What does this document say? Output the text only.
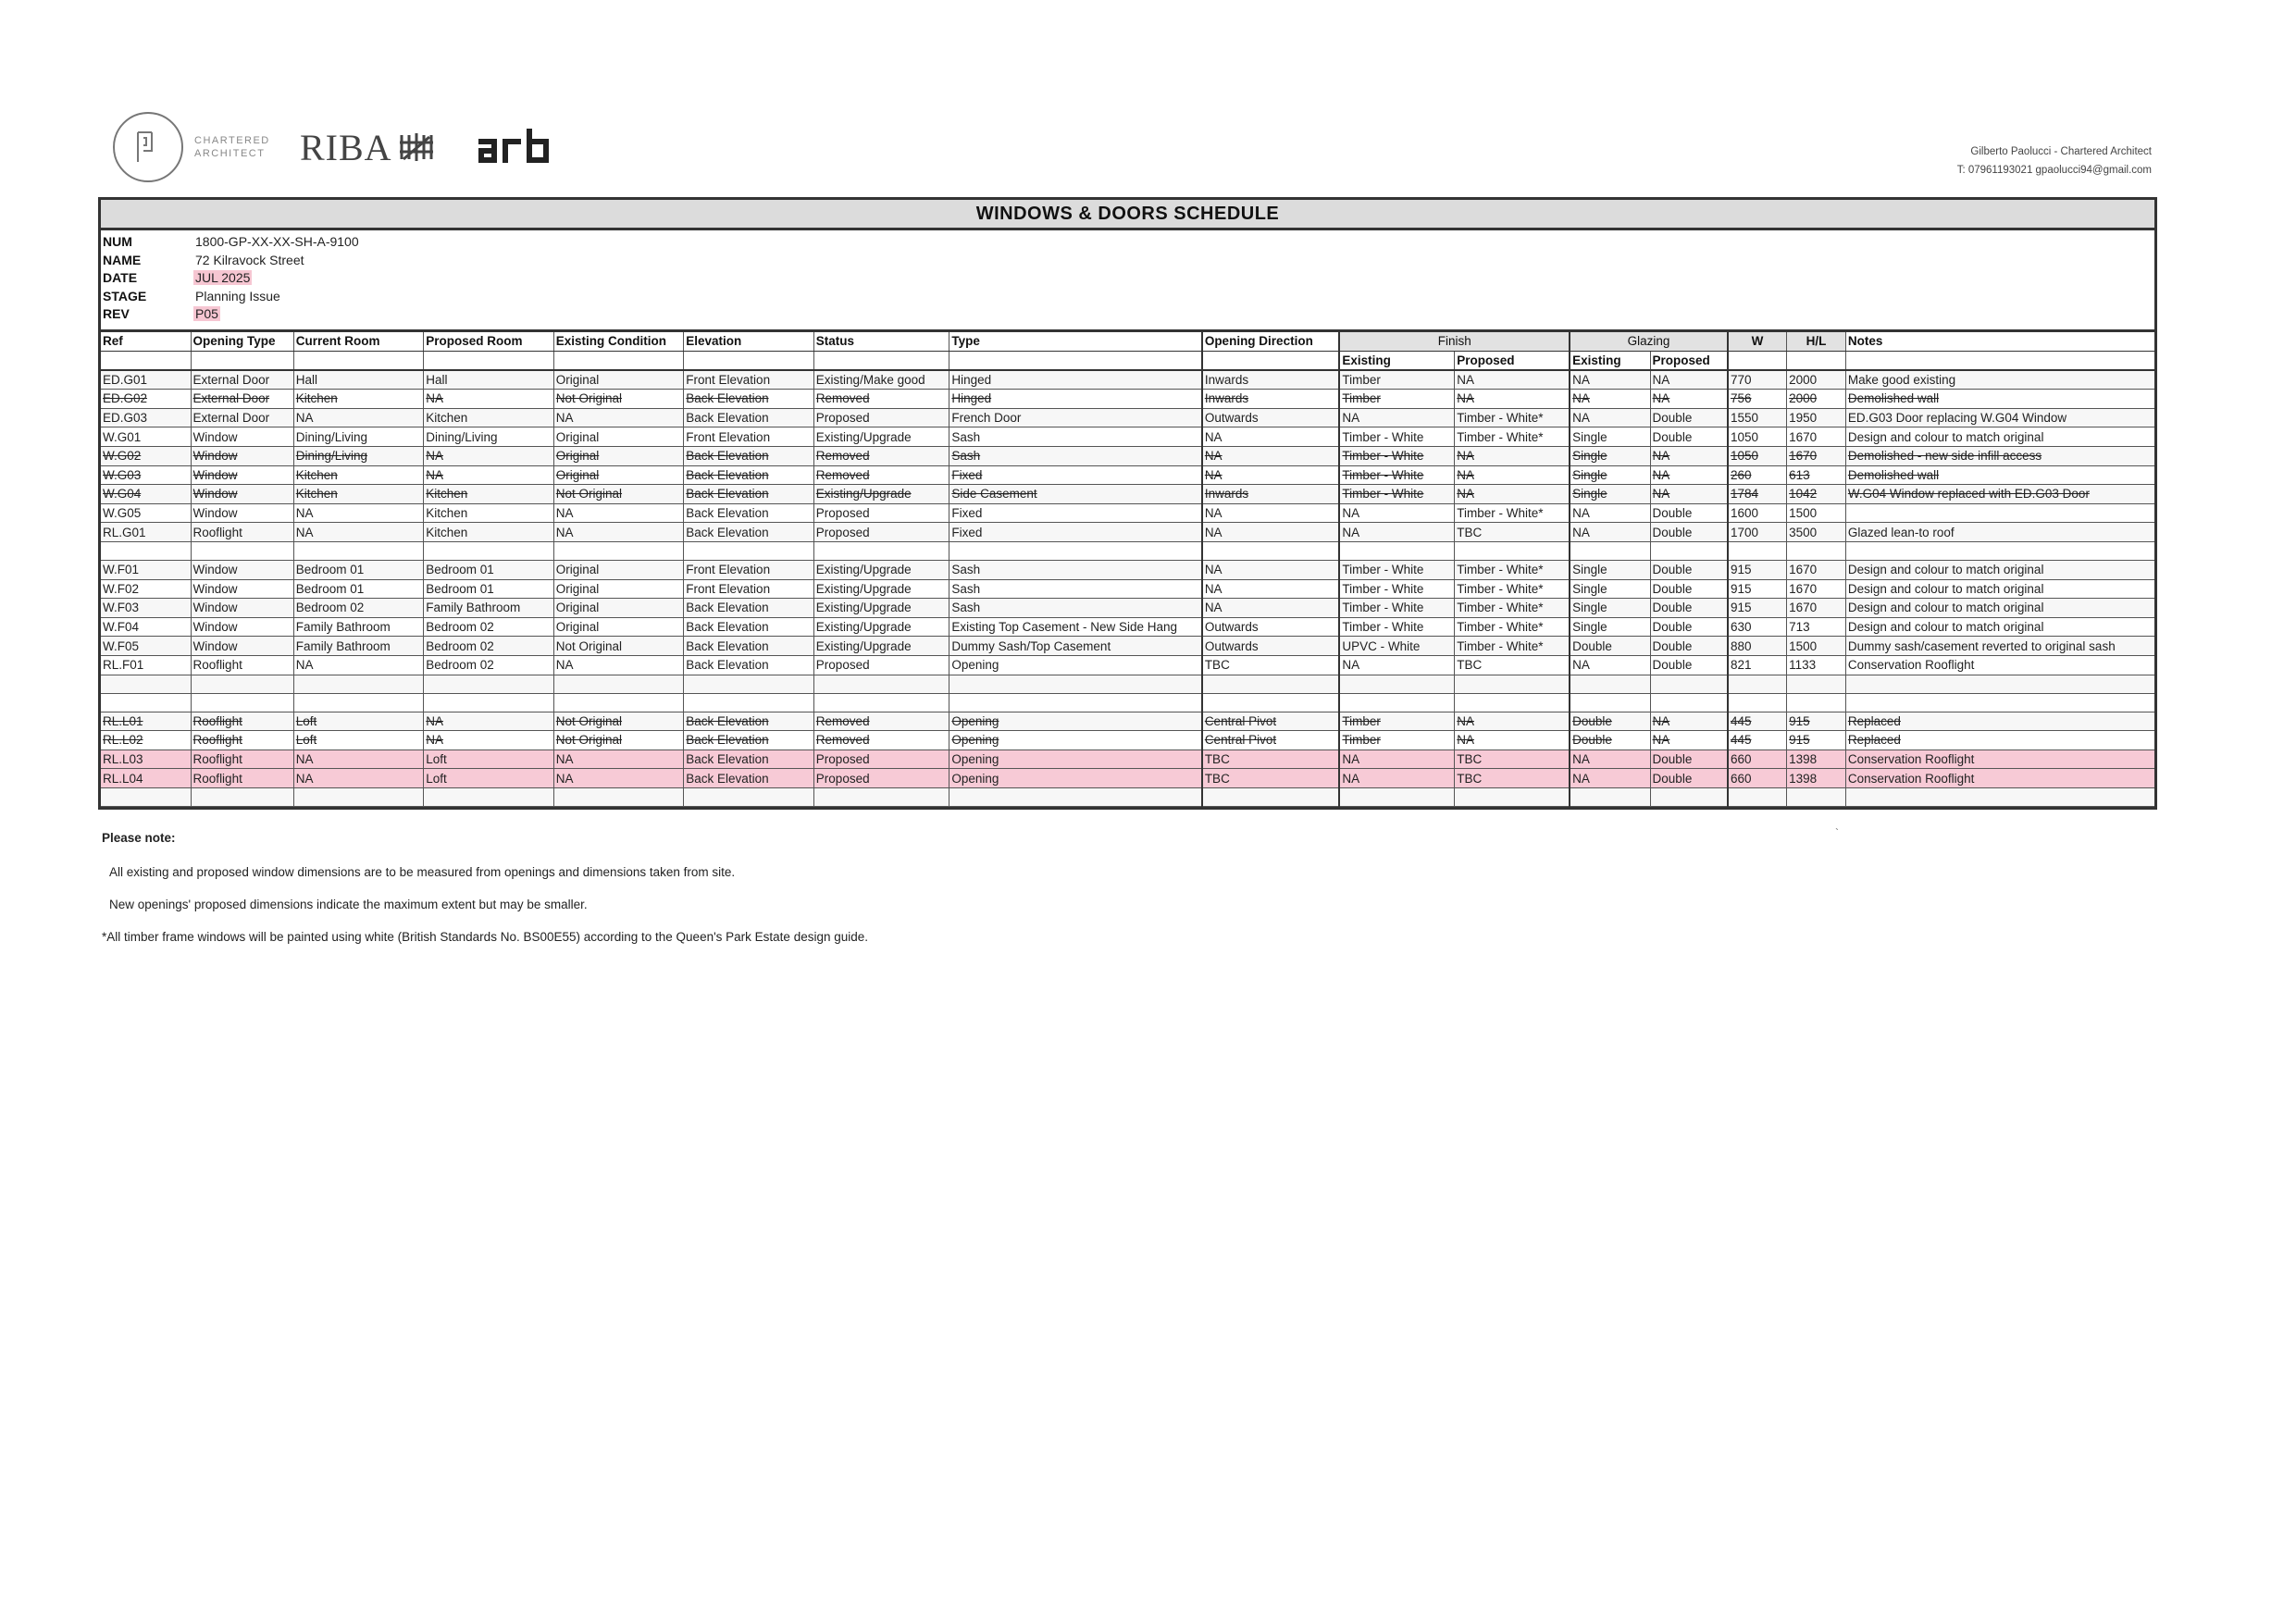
CHARTERED ARCHITECT RIBA	Gilberto Paolucci - Chartered Architect
T: 07961193021 gpaolucci94@gmail.com
WINDOWS & DOORS SCHEDULE
NUM	1800-GP-XX-XX-SH-A-9100
NAME	72 Kilravock Street
DATE	JUL 2025
STAGE	Planning Issue
REV	P05
Ref	Opening Type	Current Room	Proposed Room	Existing Condition	Elevation	Status	Type	Opening Direction	Finish		Glazing		W	H/L	Notes
									Existing	Proposed	Existing	Proposed			
ED.G01	External Door	Hall	Hall	Original	Front Elevation	Existing/Make good	Hinged	Inwards	Timber	NA	NA	NA	770	2000	Make good existing
ED.G02	External Door	Kitchen	NA	Not Original	Back Elevation	Removed	Hinged	Inwards	Timber	NA	NA	NA	756	2000	Demolished wall
ED.G03	External Door	NA	Kitchen	NA	Back Elevation	Proposed	French Door	Outwards	NA	Timber - White*	NA	Double	1550	1950	ED.G03 Door replacing W.G04 Window
W.G01	Window	Dining/Living	Dining/Living	Original	Front Elevation	Existing/Upgrade	Sash	NA	Timber - White	Timber - White*	Single	Double	1050	1670	Design and colour to match original
W.G02	Window	Dining/Living	NA	Original	Back Elevation	Removed	Sash	NA	Timber - White	NA	Single	NA	1050	1670	Demolished - new side infill access
W.G03	Window	Kitchen	NA	Original	Back Elevation	Removed	Fixed	NA	Timber - White	NA	Single	NA	260	613	Demolished wall
W.G04	Window	Kitchen	Kitchen	Not Original	Back Elevation	Existing/Upgrade	Side Casement	Inwards	Timber - White	NA	Single	NA	1784	1042	W.G04 Window replaced with ED.G03 Door
W.G05	Window	NA	Kitchen	NA	Back Elevation	Proposed	Fixed	NA	NA	Timber - White*	NA	Double	1600	1500	
RL.G01	Rooflight	NA	Kitchen	NA	Back Elevation	Proposed	Fixed	NA	NA	TBC	NA	Double	1700	3500	Glazed lean-to roof

W.F01	Window	Bedroom 01	Bedroom 01	Original	Front Elevation	Existing/Upgrade	Sash	NA	Timber - White	Timber - White*	Single	Double	915	1670	Design and colour to match original
W.F02	Window	Bedroom 01	Bedroom 01	Original	Front Elevation	Existing/Upgrade	Sash	NA	Timber - White	Timber - White*	Single	Double	915	1670	Design and colour to match original
W.F03	Window	Bedroom 02	Family Bathroom	Original	Back Elevation	Existing/Upgrade	Sash	NA	Timber - White	Timber - White*	Single	Double	915	1670	Design and colour to match original
W.F04	Window	Family Bathroom	Bedroom 02	Original	Back Elevation	Existing/Upgrade	Existing Top Casement - New Side Hang	Outwards	Timber - White	Timber - White*	Single	Double	630	713	Design and colour to match original
W.F05	Window	Family Bathroom	Bedroom 02	Not Original	Back Elevation	Existing/Upgrade	Dummy Sash/Top Casement	Outwards	UPVC - White	Timber - White*	Double	Double	880	1500	Dummy sash/casement reverted to original sash
RL.F01	Rooflight	NA	Bedroom 02	NA	Back Elevation	Proposed	Opening	TBC	NA	TBC	NA	Double	821	1133	Conservation Rooflight

RL.L01	Rooflight	Loft	NA	Not Original	Back Elevation	Removed	Opening	Central Pivot	Timber	NA	Double	NA	445	915	Replaced
RL.L02	Rooflight	Loft	NA	Not Original	Back Elevation	Removed	Opening	Central Pivot	Timber	NA	Double	NA	445	915	Replaced
RL.L03	Rooflight	NA	Loft	NA	Back Elevation	Proposed	Opening	TBC	NA	TBC	NA	Double	660	1398	Conservation Rooflight
RL.L04	Rooflight	NA	Loft	NA	Back Elevation	Proposed	Opening	TBC	NA	TBC	NA	Double	660	1398	Conservation Rooflight

Please note:
All existing and proposed window dimensions are to be measured from openings and dimensions taken from site.
New openings' proposed dimensions indicate the maximum extent but may be smaller.
*All timber frame windows will be painted using white (British Standards No. BS00E55) according to the Queen's Park Estate design guide.
`
